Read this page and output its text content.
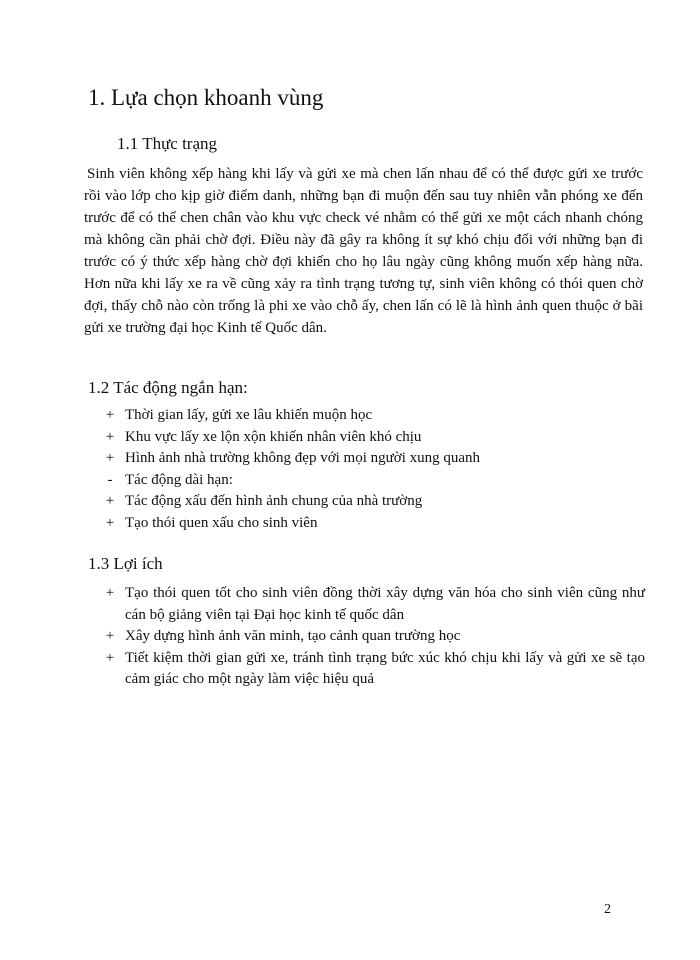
1. Lựa chọn khoanh vùng
1.1 Thực trạng
Sinh viên không xếp hàng khi lấy và gửi xe mà chen lấn nhau để có thể được gửi xe trước rồi vào lớp cho kịp giờ điểm danh, những bạn đi muộn đến sau tuy nhiên vẫn phóng xe đến trước để có thể chen chân vào khu vực check vé nhằm có thể gửi xe một cách nhanh chóng mà không cần phải chờ đợi. Điều này đã gây ra không ít sự khó chịu đối với những bạn đi trước có ý thức xếp hàng chờ đợi khiến cho họ lâu ngày cũng không muốn xếp hàng nữa. Hơn nữa khi lấy xe ra về cũng xảy ra tình trạng tương tự, sinh viên không có thói quen chờ đợi, thấy chỗ nào còn trống là phi xe vào chỗ ấy, chen lấn có lẽ là hình ảnh quen thuộc ở bãi gửi xe trường đại học Kinh tế Quốc dân.
1.2 Tác động ngắn hạn:
+ Thời gian lấy, gửi xe lâu khiến muộn học
+ Khu vực lấy xe lộn xộn khiến nhân viên khó chịu
+ Hình ảnh nhà trường không đẹp với mọi người xung quanh
- Tác động dài hạn:
+ Tác động xấu đến hình ảnh chung của nhà trường
+ Tạo thói quen xấu cho sinh viên
1.3 Lợi ích
+ Tạo thói quen tốt cho sinh viên đồng thời xây dựng văn hóa cho sinh viên cũng như cán bộ giảng viên tại Đại học kinh tế quốc dân
+ Xây dựng hình ảnh văn minh, tạo cảnh quan trường học
+ Tiết kiệm thời gian gửi xe, tránh tình trạng bức xúc khó chịu khi lấy và gửi xe sẽ tạo cảm giác cho một ngày làm việc hiệu quả
2
